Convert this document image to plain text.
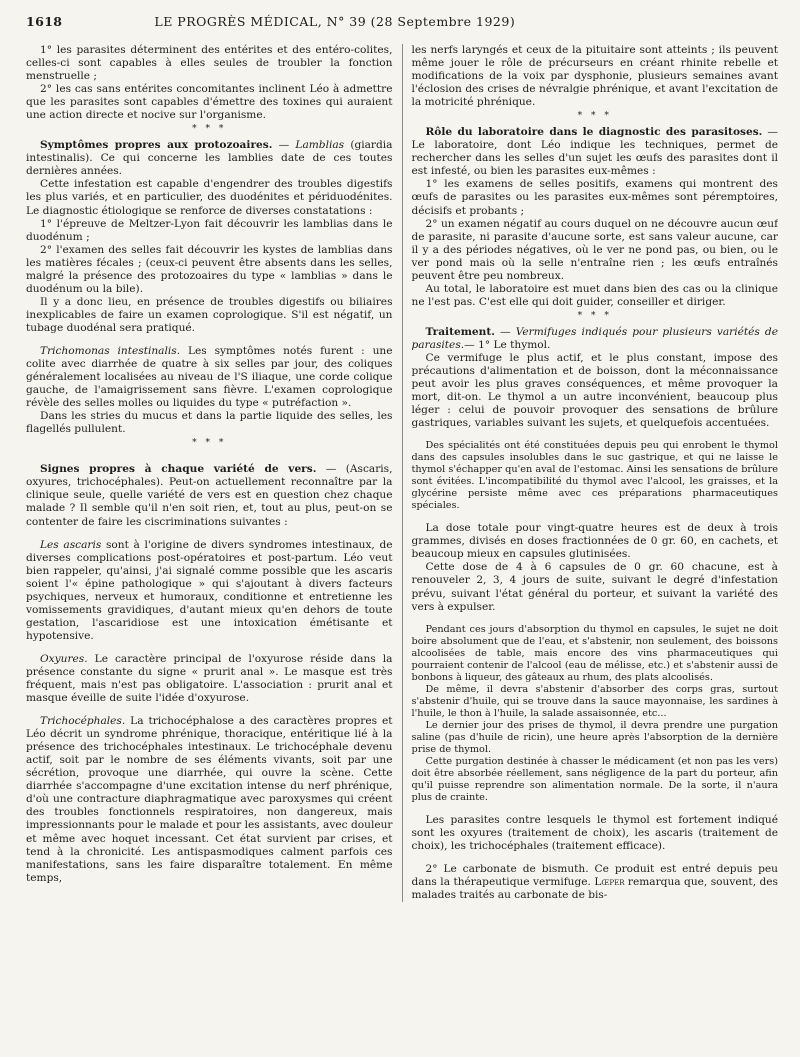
1618	LE PROGRÈS MÉDICAL, N° 39 (28 Septembre 1929)

1° les parasites déterminent des entérites et des entéro-colites, celles-ci sont capables à elles seules de troubler la fonction menstruelle ;

2° les cas sans entérites concomitantes inclinent Léo à admettre que les parasites sont capables d'émettre des toxines qui auraient une action directe et nocive sur l'organisme.

* * *

Symptômes propres aux protozoaires. — Lamblias (giardia intestinalis). Ce qui concerne les lamblies date de ces toutes dernières années.

Cette infestation est capable d'engendrer des troubles digestifs les plus variés, et en particulier, des duodénites et périduodénites. Le diagnostic étiologique se renforce de diverses constatations :

1° l'épreuve de Meltzer-Lyon fait découvrir les lamblias dans le duodénum ;

2° l'examen des selles fait découvrir les kystes de lamblias dans les matières fécales ; (ceux-ci peuvent être absents dans les selles, malgré la présence des protozoaires du type « lamblias » dans le duodénum ou la bile).

Il y a donc lieu, en présence de troubles digestifs ou biliaires inexplicables de faire un examen coprologique. S'il est négatif, un tubage duodénal sera pratiqué.

Trichomonas intestinalis. Les symptômes notés furent : une colite avec diarrhée de quatre à six selles par jour, des coliques généralement localisées au niveau de l'S iliaque, une corde colique gauche, de l'amaigrissement sans fièvre. L'examen coprologique révèle des selles molles ou liquides du type « putréfaction ».

Dans les stries du mucus et dans la partie liquide des selles, les flagellés pullulent.

* * *

Signes propres à chaque variété de vers. — (Ascaris, oxyures, trichocéphales). Peut-on actuellement reconnaître par la clinique seule, quelle variété de vers est en question chez chaque malade ? Il semble qu'il n'en soit rien, et, tout au plus, peut-on se contenter de faire les ciscriminations suivantes :

Les ascaris sont à l'origine de divers syndromes intestinaux, de diverses complications post-opératoires et post-partum. Léo veut bien rappeler, qu'ainsi, j'ai signalé comme possible que les ascaris soient l'« épine pathologique » qui s'ajoutant à divers facteurs psychiques, nerveux et humoraux, conditionne et entretienne les vomissements gravidiques, d'autant mieux qu'en dehors de toute gestation, l'ascaridiose est une intoxication émétisante et hypotensive.

Oxyures. Le caractère principal de l'oxyurose réside dans la présence constante du signe « prurit anal ». Le masque est très fréquent, mais n'est pas obligatoire. L'association : prurit anal et masque éveille de suite l'idée d'oxyurose.

Trichocéphales. La trichocéphalose a des caractères propres et Léo décrit un syndrome phrénique, thoracique, entéritique lié à la présence des trichocéphales intestinaux. Le trichocéphale devenu actif, soit par le nombre de ses éléments vivants, soit par une sécrétion, provoque une diarrhée, qui ouvre la scène. Cette diarrhée s'accompagne d'une excitation intense du nerf phrénique, d'où une contracture diaphragmatique avec paroxysmes qui créent des troubles fonctionnels respiratoires, non dangereux, mais impressionnants pour le malade et pour les assistants, avec douleur et même avec hoquet incessant. Cet état survient par crises, et tend à la chronicité. Les antispasmodiques calment parfois ces manifestations, sans les faire disparaître totalement. En même temps,

les nerfs laryngés et ceux de la pituitaire sont atteints ; ils peuvent même jouer le rôle de précurseurs en créant rhinite rebelle et modifications de la voix par dysphonie, plusieurs semaines avant l'éclosion des crises de névralgie phrénique, et avant l'excitation de la motricité phrénique.

* * *

Rôle du laboratoire dans le diagnostic des parasitoses. — Le laboratoire, dont Léo indique les techniques, permet de rechercher dans les selles d'un sujet les œufs des parasites dont il est infesté, ou bien les parasites eux-mêmes :

1° les examens de selles positifs, examens qui montrent des œufs de parasites ou les parasites eux-mêmes sont péremptoires, décisifs et probants ;

2° un examen négatif au cours duquel on ne découvre aucun œuf de parasite, ni parasite d'aucune sorte, est sans valeur aucune, car il y a des périodes négatives, où le ver ne pond pas, ou bien, ou le ver pond mais où la selle n'entraîne rien ; les œufs entraînés peuvent être peu nombreux.

Au total, le laboratoire est muet dans bien des cas ou la clinique ne l'est pas. C'est elle qui doit guider, conseiller et diriger.

* * *

Traitement. — Vermifuges indiqués pour plusieurs variétés de parasites.— 1° Le thymol.

Ce vermifuge le plus actif, et le plus constant, impose des précautions d'alimentation et de boisson, dont la méconnaissance peut avoir les plus graves conséquences, et même provoquer la mort, dit-on. Le thymol a un autre inconvénient, beaucoup plus léger : celui de pouvoir provoquer des sensations de brûlure gastriques, variables suivant les sujets, et quelquefois accentuées.

Des spécialités ont été constituées depuis peu qui enrobent le thymol dans des capsules insolubles dans le suc gastrique, et qui ne laisse le thymol s'échapper qu'en aval de l'estomac. Ainsi les sensations de brûlure sont évitées. L'incompatibilité du thymol avec l'alcool, les graisses, et la glycérine persiste même avec ces préparations pharmaceutiques spéciales.

La dose totale pour vingt-quatre heures est de deux à trois grammes, divisés en doses fractionnées de 0 gr. 60, en cachets, et beaucoup mieux en capsules glutinisées.

Cette dose de 4 à 6 capsules de 0 gr. 60 chacune, est à renouveler 2, 3, 4 jours de suite, suivant le degré d'infestation prévu, suivant l'état général du porteur, et suivant la variété des vers à expulser.

Pendant ces jours d'absorption du thymol en capsules, le sujet ne doit boire absolument que de l'eau, et s'abstenir, non seulement, des boissons alcoolisées de table, mais encore des vins pharmaceutiques qui pourraient contenir de l'alcool (eau de mélisse, etc.) et s'abstenir aussi de bonbons à liqueur, des gâteaux au rhum, des plats alcoolisés.

De même, il devra s'abstenir d'absorber des corps gras, surtout s'abstenir d'huile, qui se trouve dans la sauce mayonnaise, les sardines à l'huile, le thon à l'huile, la salade assaisonnée, etc...

Le dernier jour des prises de thymol, il devra prendre une purgation saline (pas d'huile de ricin), une heure après l'absorption de la dernière prise de thymol.

Cette purgation destinée à chasser le médicament (et non pas les vers) doit être absorbée réellement, sans négligence de la part du porteur, afin qu'il puisse reprendre son alimentation normale. De la sorte, il n'aura plus de crainte.

Les parasites contre lesquels le thymol est fortement indiqué sont les oxyures (traitement de choix), les ascaris (traitement de choix), les trichocéphales (traitement efficace).

2° Le carbonate de bismuth. Ce produit est entré depuis peu dans la thérapeutique vermifuge. Lœper remarqua que, souvent, des malades traités au carbonate de bis-
